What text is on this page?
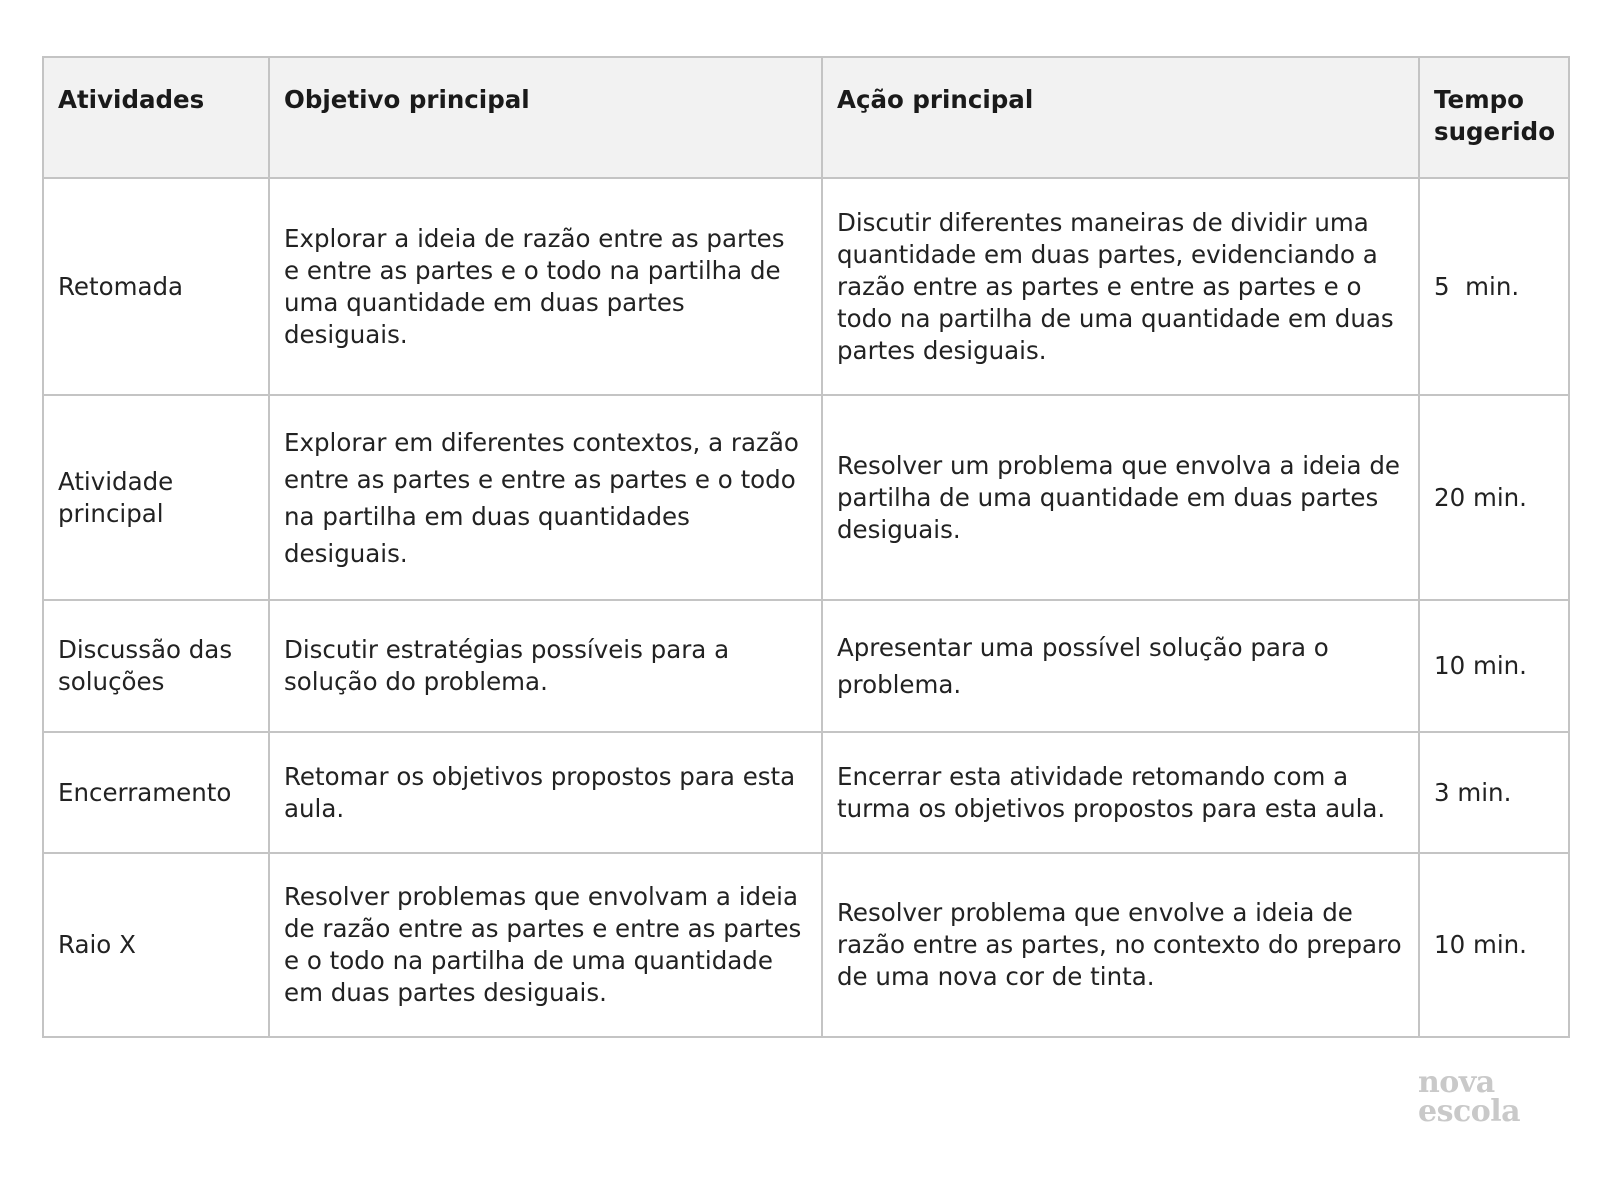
Atividades	Objetivo principal	Ação principal	Tempo sugerido
Retomada	Explorar a ideia de razão entre as partes e entre as partes e o todo na partilha de uma quantidade em duas partes desiguais.	Discutir diferentes maneiras de dividir uma quantidade em duas partes, evidenciando a razão entre as partes e entre as partes e o todo na partilha de uma quantidade em duas partes desiguais.	5  min.
Atividade principal	Explorar em diferentes contextos, a razão entre as partes e entre as partes e o todo na partilha em duas quantidades desiguais.	Resolver um problema que envolva a ideia de partilha de uma quantidade em duas partes desiguais.	20 min.
Discussão das soluções	Discutir estratégias possíveis para a solução do problema.	Apresentar uma possível solução para o problema.	10 min.
Encerramento	Retomar os objetivos propostos para esta aula.	Encerrar esta atividade retomando com a turma os objetivos propostos para esta aula.	3 min.
Raio X	Resolver problemas que envolvam a ideia de razão entre as partes e entre as partes e o todo na partilha de uma quantidade em duas partes desiguais.	Resolver problema que envolve a ideia de razão entre as partes, no contexto do preparo de uma nova cor de tinta.	10 min.
nova
escola
